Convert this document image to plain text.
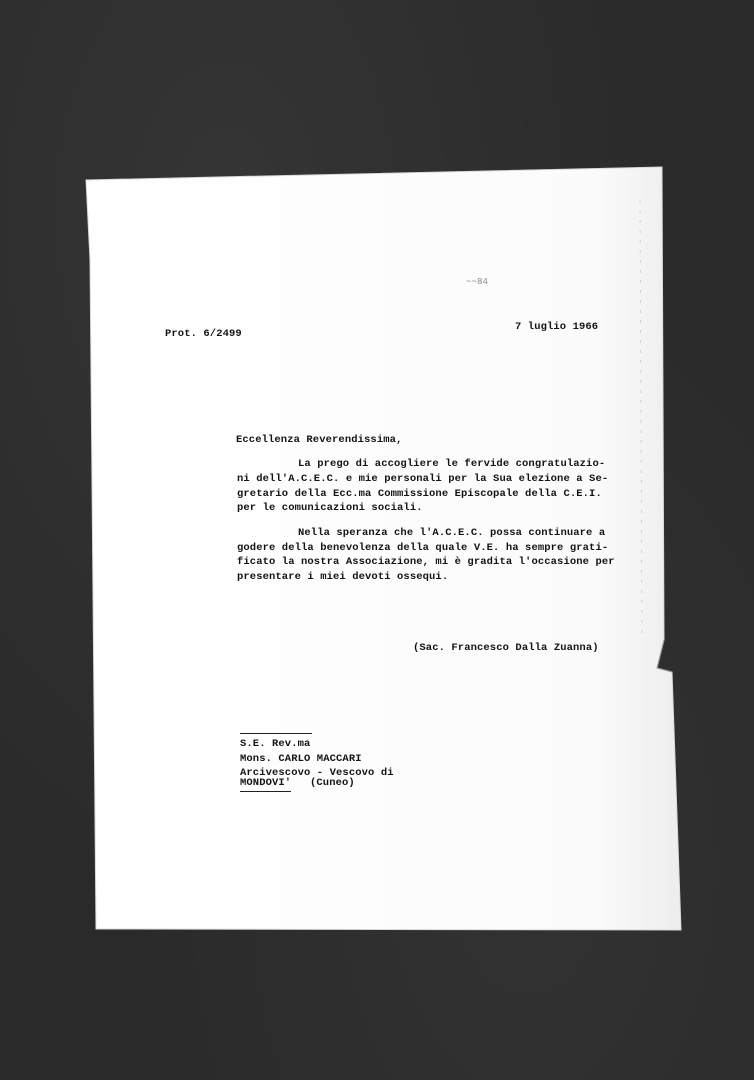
~~84
Prot. 6/2499
7 luglio 1966
Eccellenza Reverendissima,
La prego di accogliere le fervide congratulazio-
ni dell'A.C.E.C. e mie personali per la Sua elezione a Se-
gretario della Ecc.ma Commissione Episcopale della C.E.I.
per le comunicazioni sociali.
Nella speranza che l'A.C.E.C. possa continuare a
godere della benevolenza della quale V.E. ha sempre grati-
ficato la nostra Associazione, mi è gradita l'occasione per
presentare i miei devoti ossequi.
(Sac. Francesco Dalla Zuanna)
S.E. Rev.ma
Mons. CARLO MACCARI
Arcivescovo - Vescovo di
MONDOVI' (Cuneo)
